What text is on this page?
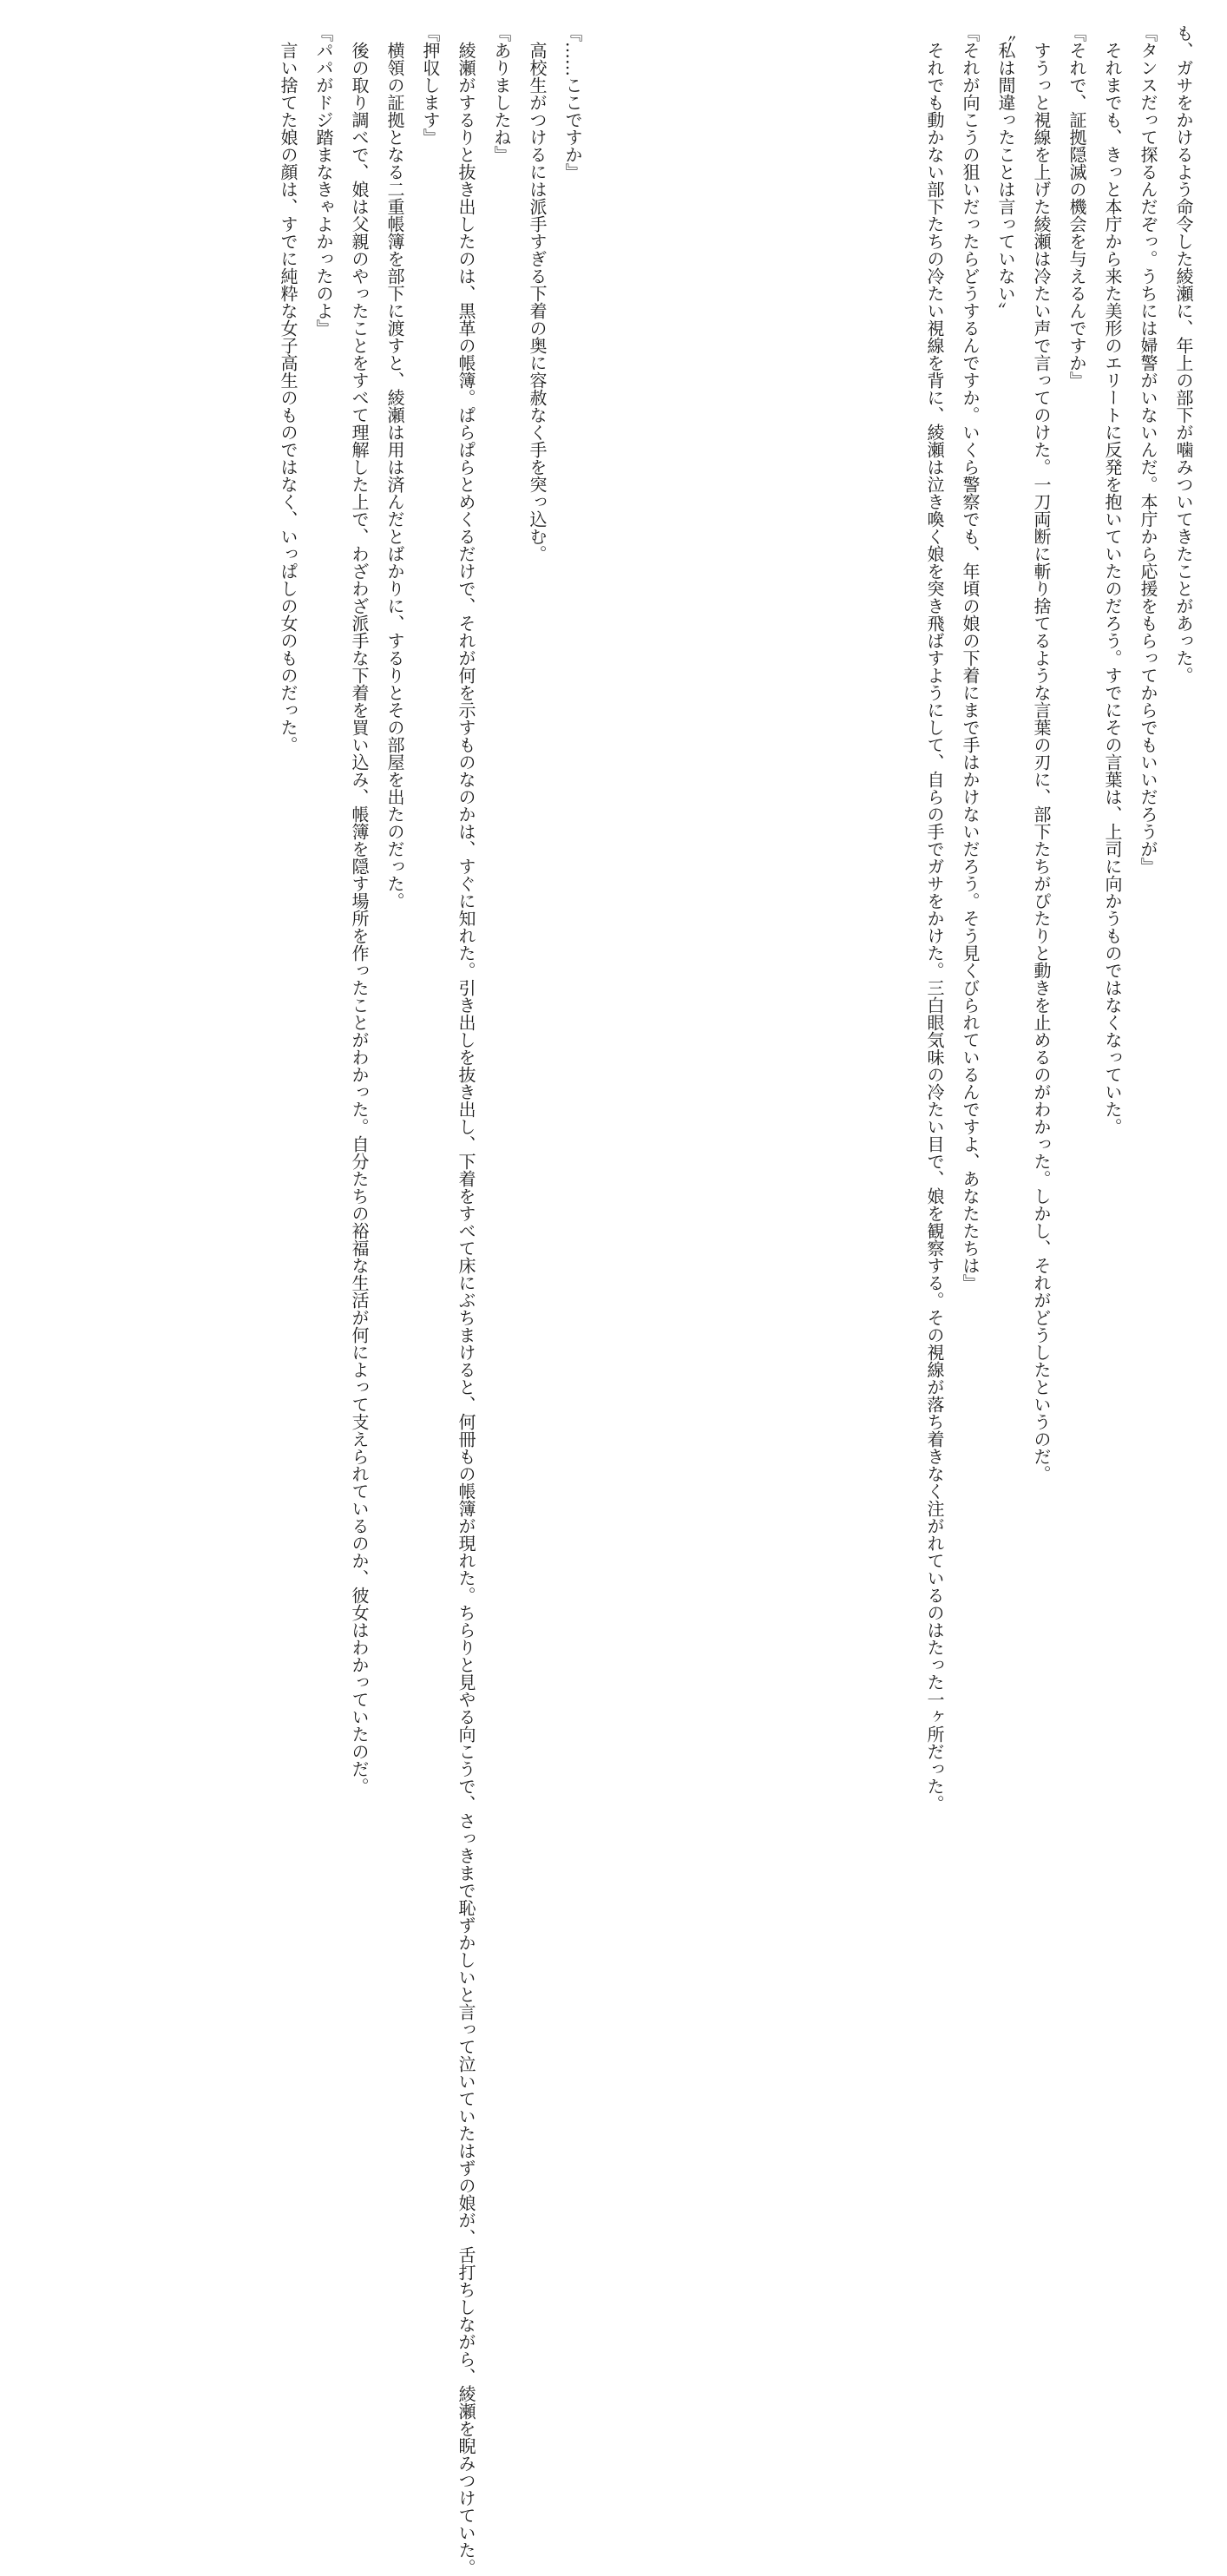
も、ガサをかけるよう命令した綾瀬に、年上の部下が噛みついてきたことがあった。
『タンスだって探るんだぞっ。うちには婦警がいないんだ。本庁から応援をもらってからでもいいだろうが』
　それまでも、きっと本庁から来た美形のエリートに反発を抱いていたのだろう。すでにその言葉は、上司に向かうものではなくなっていた。
『それで、証拠隠滅の機会を与えるんですか』
　すうっと視線を上げた綾瀬は冷たい声で言ってのけた。一刀両断に斬り捨てるような言葉の刃に、部下たちがぴたりと動きを止めるのがわかった。しかし、それがどうしたというのだ。
〝私は間違ったことは言っていない〟
『それが向こうの狙いだったらどうするんですか。いくら警察でも、年頃の娘の下着にまで手はかけないだろう。そう見くびられているんですよ、あなたたちは』
　それでも動かない部下たちの冷たい視線を背に、綾瀬は泣き喚く娘を突き飛ばすようにして、自らの手でガサをかけた。三白眼気味の冷たい目で、娘を観察する。その視線が落ち着きなく注がれているのはたった一ヶ所だった。
『……ここですか』
　高校生がつけるには派手すぎる下着の奥に容赦なく手を突っ込む。
『ありましたね』
　綾瀬がするりと抜き出したのは、黒革の帳簿。ぱらぱらとめくるだけで、それが何を示すものなのかは、すぐに知れた。引き出しを抜き出し、下着をすべて床にぶちまけると、何冊もの帳簿が現れた。ちらりと見やる向こうで、さっきまで恥ずかしいと言って泣いていたはずの娘が、舌打ちしながら、綾瀬を睨みつけていた。
『押収します』
　横領の証拠となる二重帳簿を部下に渡すと、綾瀬は用は済んだとばかりに、するりとその部屋を出たのだった。
　後の取り調べで、娘は父親のやったことをすべて理解した上で、わざわざ派手な下着を買い込み、帳簿を隠す場所を作ったことがわかった。自分たちの裕福な生活が何によって支えられているのか、彼女はわかっていたのだ。
『パパがドジ踏まなきゃよかったのよ』
　言い捨てた娘の顔は、すでに純粋な女子高生のものではなく、いっぱしの女のものだった。
